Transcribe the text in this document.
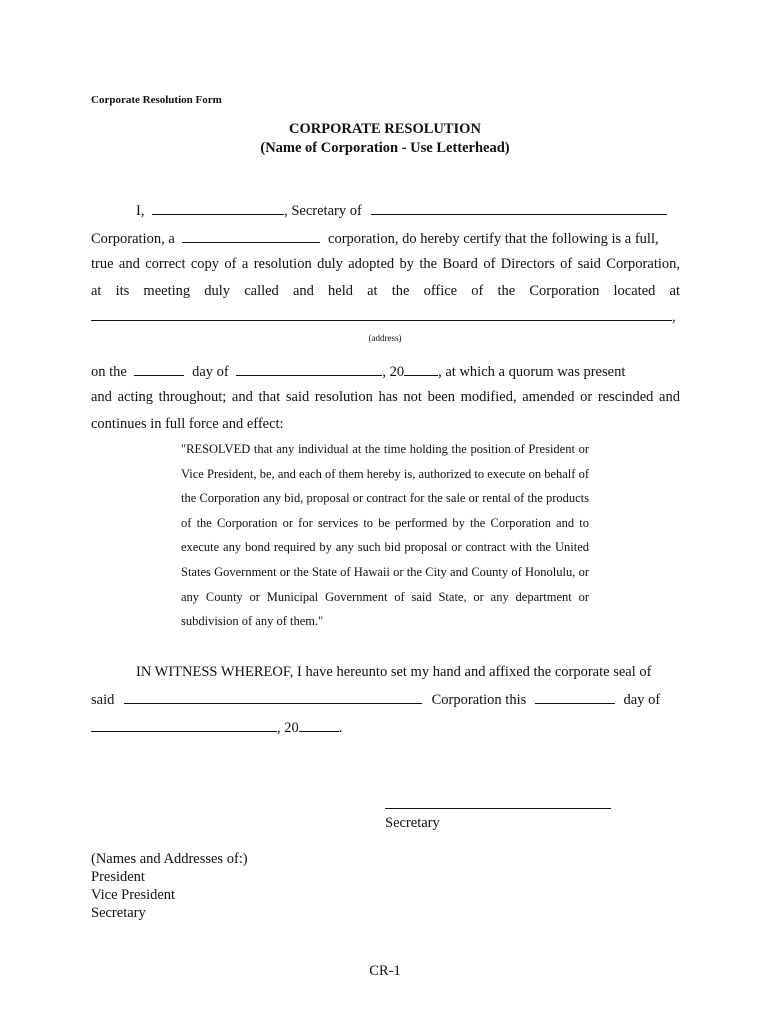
Corporate Resolution Form
CORPORATE RESOLUTION
(Name of Corporation - Use Letterhead)
I,	, Secretary of
Corporation, a	corporation, do hereby certify that the following is a full,
true and correct copy of a resolution duly adopted by the Board of Directors of said Corporation,
at its meeting duly called and held at the office of the Corporation located at
,
(address)
on the	day of	, 20 , at which a quorum was present
and acting throughout; and that said resolution has not been modified, amended or rescinded and
continues in full force and effect:

"RESOLVED that any individual at the time holding the position of President or Vice President, be, and each of them hereby is, authorized to execute on behalf of the Corporation any bid, proposal or contract for the sale or rental of the products of the Corporation or for services to be performed by the Corporation and to execute any bond required by any such bid proposal or contract with the United States Government or the State of Hawaii or the City and County of Honolulu, or any County or Municipal Government of said State, or any department or subdivision of any of them."

IN WITNESS WHEREOF, I have hereunto set my hand and affixed the corporate seal of
said	Corporation this	day of
, 20	.
Secretary
(Names and Addresses of:)
President
Vice President
Secretary
CR-1
